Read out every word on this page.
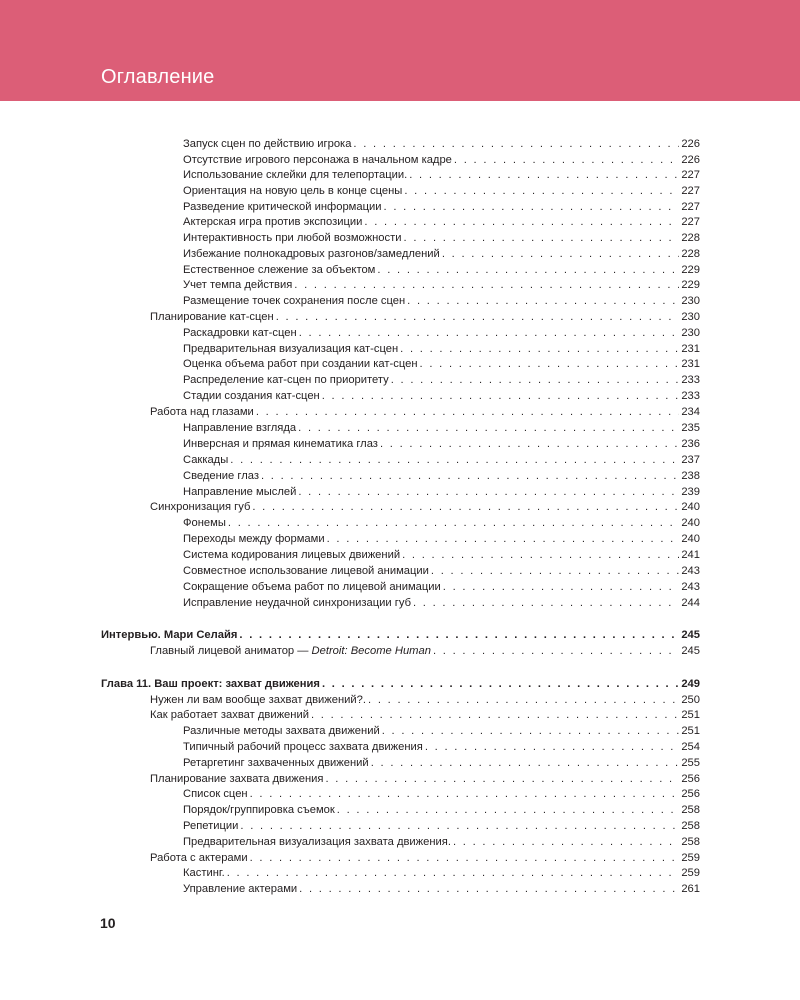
Оглавление
Запуск сцен по действию игрока . . .	226
Отсутствие игрового персонажа в начальном кадре . . .	226
Использование склейки для телепортации. . . .	227
Ориентация на новую цель в конце сцены . . .	227
Разведение критической информации . . .	227
Актерская игра против экспозиции . . .	227
Интерактивность при любой возможности . . .	228
Избежание полнокадровых разгонов/замедлений . . .	228
Естественное слежение за объектом . . .	229
Учет темпа действия . . .	229
Размещение точек сохранения после сцен . . .	230
Планирование кат-сцен . . .	230
Раскадровки кат-сцен . . .	230
Предварительная визуализация кат-сцен . . .	231
Оценка объема работ при создании кат-сцен . . .	231
Распределение кат-сцен по приоритету . . .	233
Стадии создания кат-сцен . . .	233
Работа над глазами . . .	234
Направление взгляда . . .	235
Инверсная и прямая кинематика глаз . . .	236
Саккады . . .	237
Сведение глаз . . .	238
Направление мыслей . . .	239
Синхронизация губ . . .	240
Фонемы . . .	240
Переходы между формами . . .	240
Система кодирования лицевых движений . . .	241
Совместное использование лицевой анимации . . .	243
Сокращение объема работ по лицевой анимации . . .	243
Исправление неудачной синхронизации губ . . .	244
Интервью. Мари Селайя . . .	245
Главный лицевой аниматор — Detroit: Become Human . . .	245
Глава 11. Ваш проект: захват движения . . .	249
Нужен ли вам вообще захват движений?. . . .	250
Как работает захват движений . . .	251
Различные методы захвата движений . . .	251
Типичный рабочий процесс захвата движения . . .	254
Ретаргетинг захваченных движений . . .	255
Планирование захвата движения . . .	256
Список сцен . . .	256
Порядок/группировка съемок . . .	258
Репетиции . . .	258
Предварительная визуализация захвата движения. . . .	258
Работа с актерами . . .	259
Кастинг. . . .	259
Управление актерами . . .	261
10
